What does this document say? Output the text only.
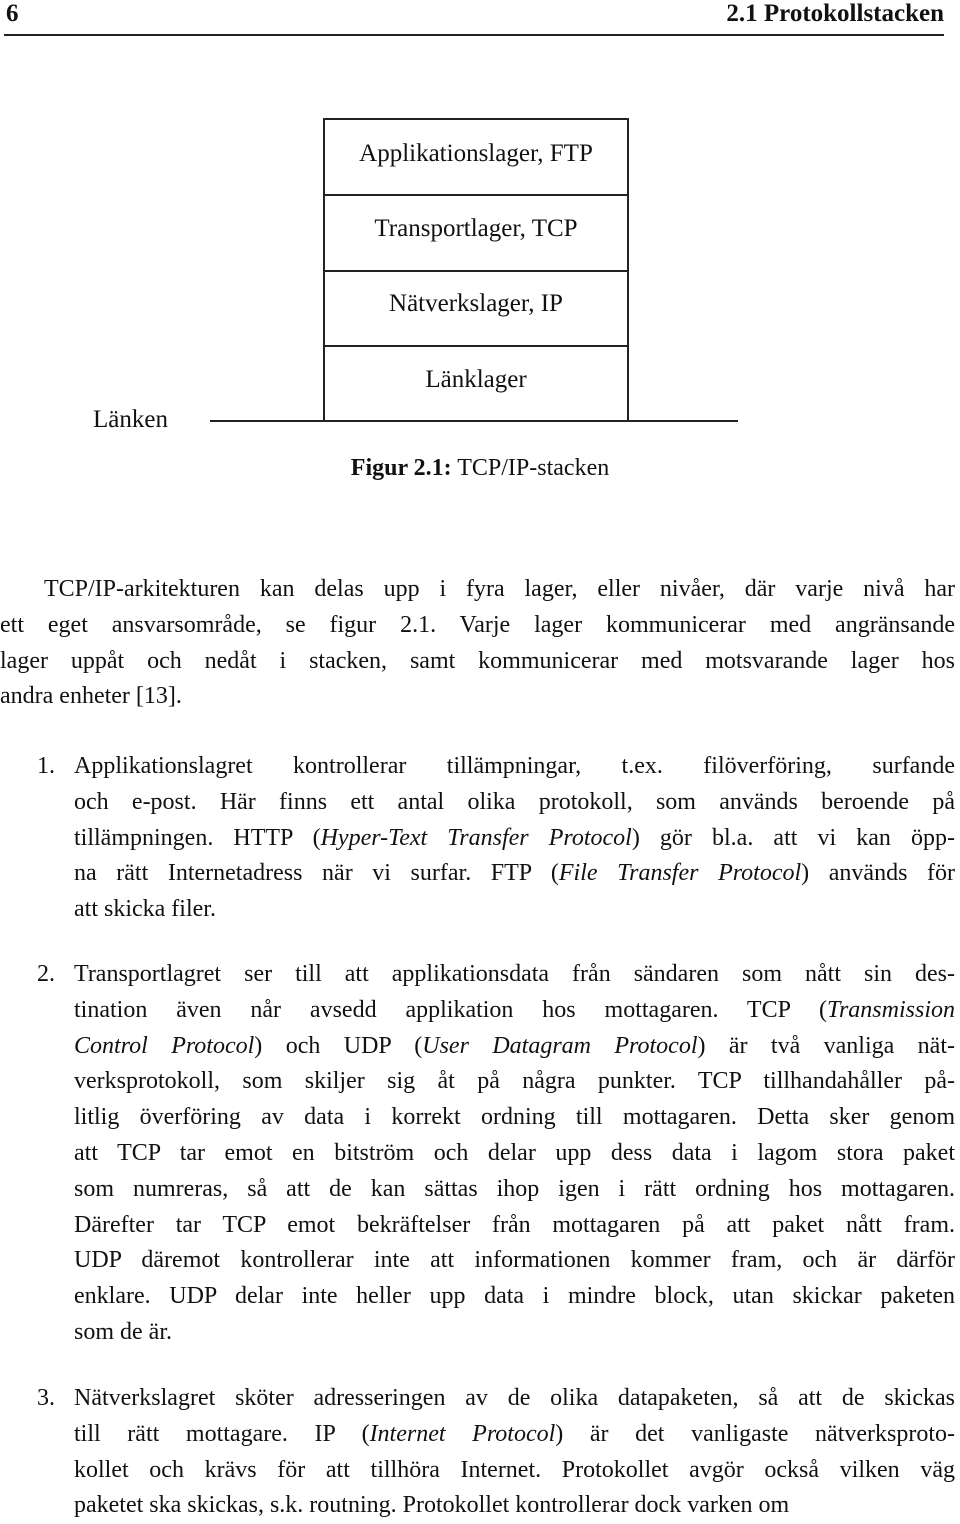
6	2.1 Protokollstacken
Applikationslager, FTP
Transportlager, TCP
Nätverkslager, IP
Länklager
Länken
Figur 2.1: TCP/IP-stacken
TCP/IP-arkitekturen kan delas upp i fyra lager, eller nivåer, där varje nivå har
ett eget ansvarsområde, se figur 2.1. Varje lager kommunicerar med angränsande
lager uppåt och nedåt i stacken, samt kommunicerar med motsvarande lager hos
andra enheter [13].
1. Applikationslagret kontrollerar tillämpningar, t.ex. filöverföring, surfande
och e-post. Här finns ett antal olika protokoll, som används beroende på
tillämpningen. HTTP (Hyper-Text Transfer Protocol) gör bl.a. att vi kan öpp-
na rätt Internetadress när vi surfar. FTP (File Transfer Protocol) används för
att skicka filer.
2. Transportlagret ser till att applikationsdata från sändaren som nått sin des-
tination även når avsedd applikation hos mottagaren. TCP (Transmission
Control Protocol) och UDP (User Datagram Protocol) är två vanliga nät-
verksprotokoll, som skiljer sig åt på några punkter. TCP tillhandahåller på-
litlig överföring av data i korrekt ordning till mottagaren. Detta sker genom
att TCP tar emot en bitström och delar upp dess data i lagom stora paket
som numreras, så att de kan sättas ihop igen i rätt ordning hos mottagaren.
Därefter tar TCP emot bekräftelser från mottagaren på att paket nått fram.
UDP däremot kontrollerar inte att informationen kommer fram, och är därför
enklare. UDP delar inte heller upp data i mindre block, utan skickar paketen
som de är.
3. Nätverkslagret sköter adresseringen av de olika datapaketen, så att de skickas
till rätt mottagare. IP (Internet Protocol) är det vanligaste nätverksproto-
kollet och krävs för att tillhöra Internet. Protokollet avgör också vilken väg
paketet ska skickas, s.k. routning. Protokollet kontrollerar dock varken om
